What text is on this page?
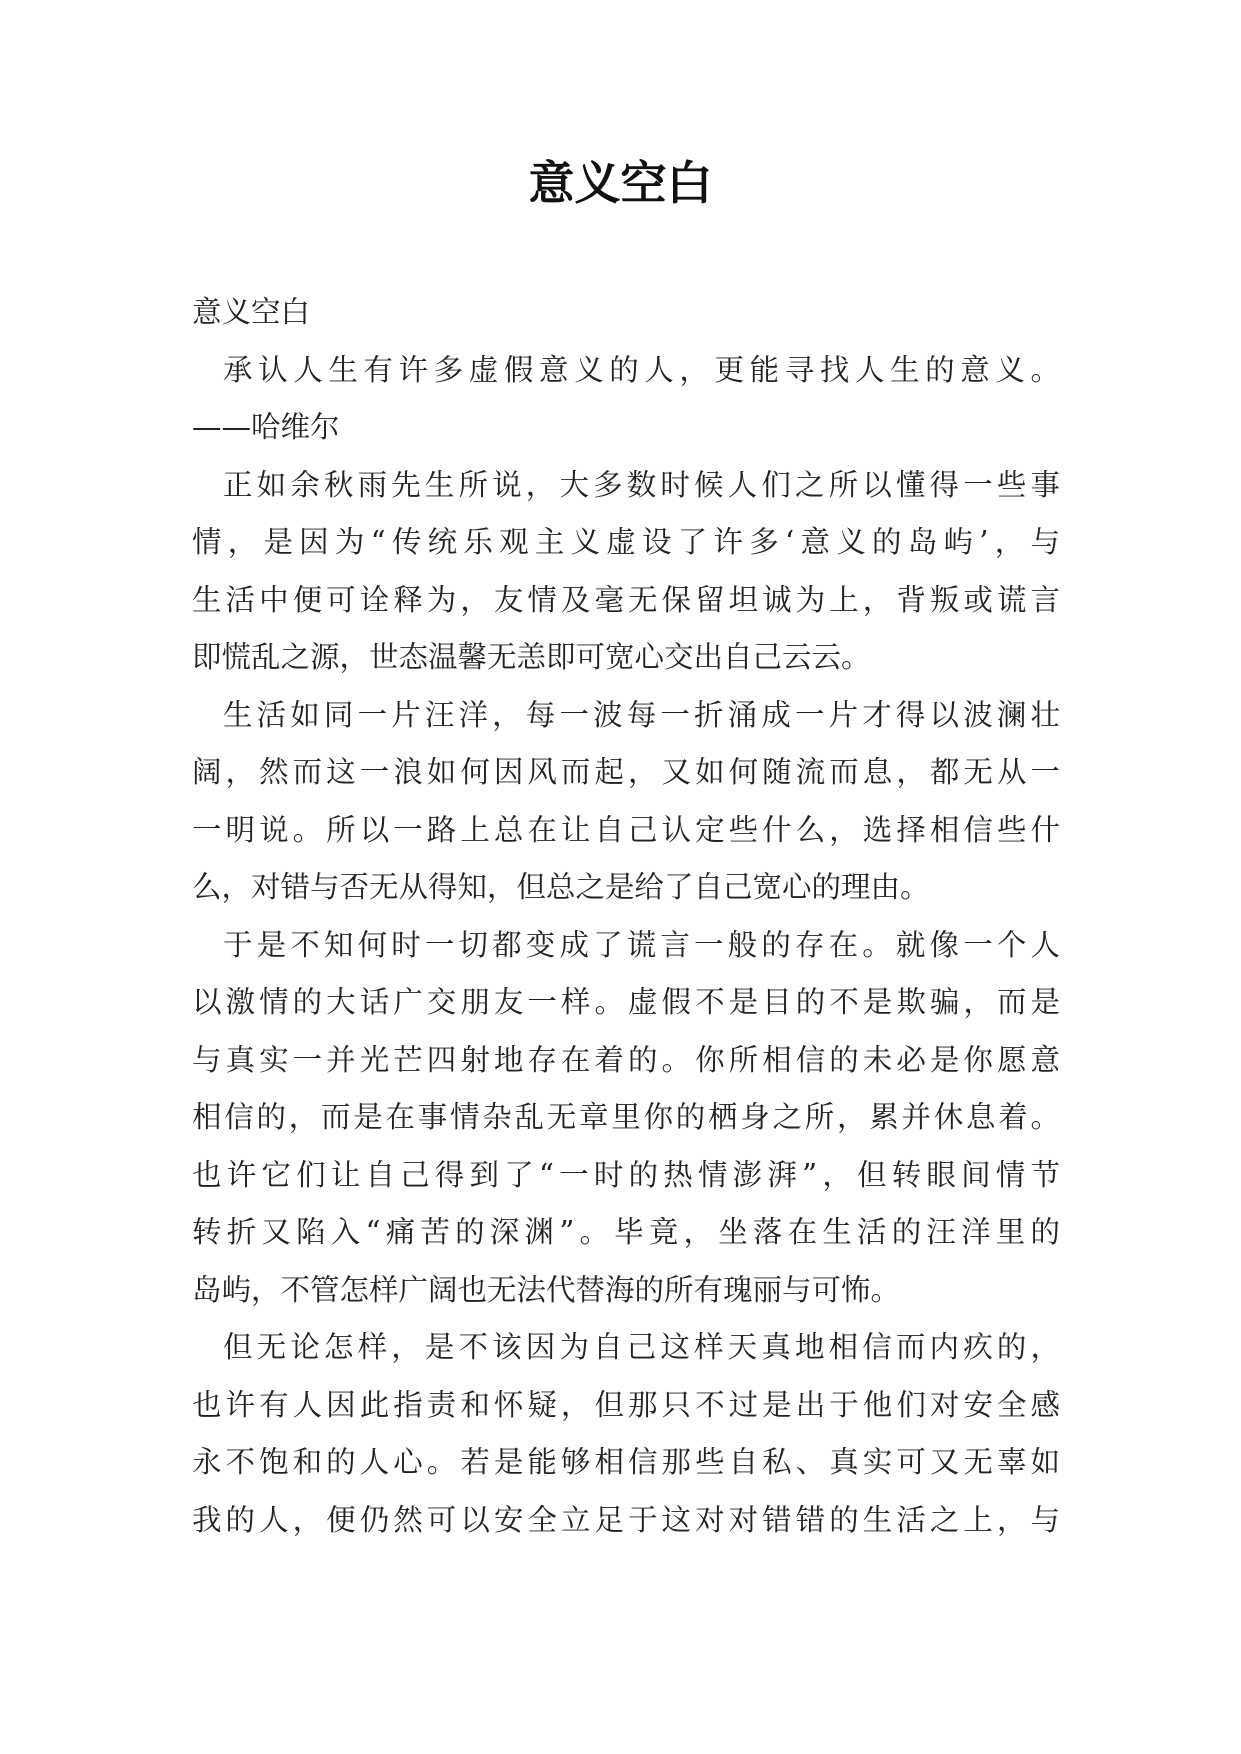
意义空白
意义空白
承认人生有许多虚假意义的人，更能寻找人生的意义。
——哈维尔
正如余秋雨先生所说，大多数时候人们之所以懂得一些事
情，是因为“传统乐观主义虚设了许多‘意义的岛屿’，与
生活中便可诠释为，友情及毫无保留坦诚为上，背叛或谎言
即慌乱之源，世态温馨无恙即可宽心交出自己云云。
生活如同一片汪洋，每一波每一折涌成一片才得以波澜壮
阔，然而这一浪如何因风而起，又如何随流而息，都无从一
一明说。所以一路上总在让自己认定些什么，选择相信些什
么，对错与否无从得知，但总之是给了自己宽心的理由。
于是不知何时一切都变成了谎言一般的存在。就像一个人
以激情的大话广交朋友一样。虚假不是目的不是欺骗，而是
与真实一并光芒四射地存在着的。你所相信的未必是你愿意
相信的，而是在事情杂乱无章里你的栖身之所，累并休息着。
也许它们让自己得到了“一时的热情澎湃”，但转眼间情节
转折又陷入“痛苦的深渊”。毕竟，坐落在生活的汪洋里的
岛屿，不管怎样广阔也无法代替海的所有瑰丽与可怖。
但无论怎样，是不该因为自己这样天真地相信而内疚的，
也许有人因此指责和怀疑，但那只不过是出于他们对安全感
永不饱和的人心。若是能够相信那些自私、真实可又无辜如
我的人，便仍然可以安全立足于这对对错错的生活之上，与
